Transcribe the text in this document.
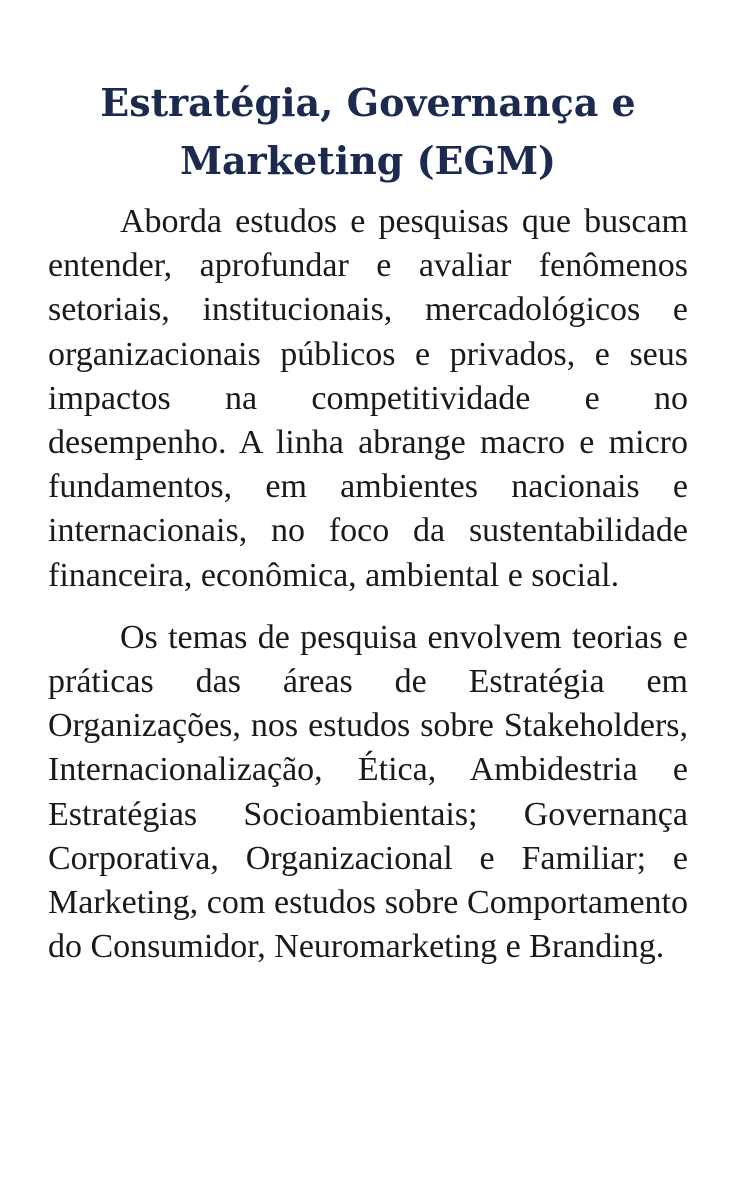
Estratégia, Governança e
Marketing (EGM)

Aborda estudos e pesquisas que buscam entender, aprofundar e avaliar fenômenos setoriais, institucionais, mercadológicos e organizacionais públicos e privados, e seus impactos na competitividade e no desempenho. A linha abrange macro e micro fundamentos, em ambientes nacionais e internacionais, no foco da sustentabilidade financeira, econômica, ambiental e social.

Os temas de pesquisa envolvem teorias e práticas das áreas de Estratégia em Organizações, nos estudos sobre Stakeholders, Internacionalização, Ética, Ambidestria e Estratégias Socioambientais; Governança Corporativa, Organizacional e Familiar; e Marketing, com estudos sobre Comportamento do Consumidor, Neuromarketing e Branding.
